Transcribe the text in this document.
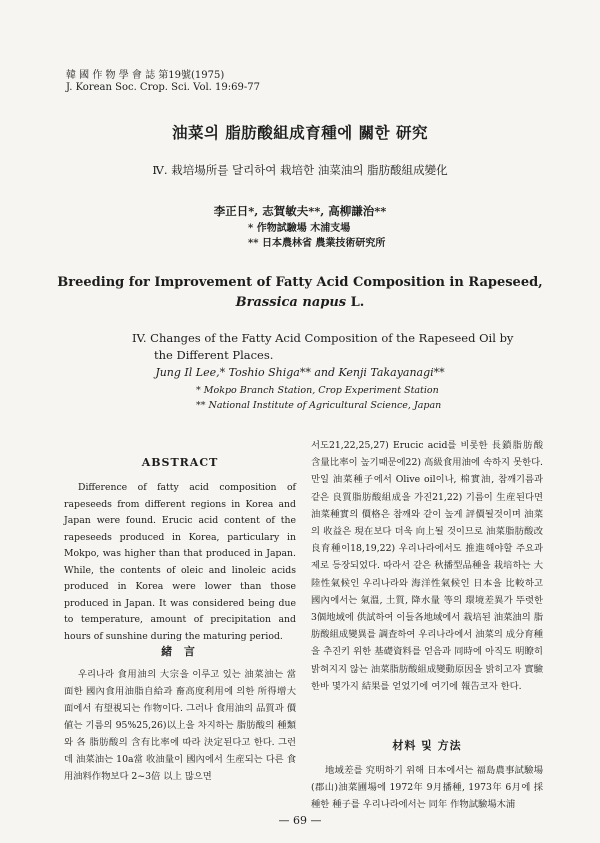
韓 國 作 物 學 會 誌 第19號(1975)
J. Korean Soc. Crop. Sci. Vol. 19:69-77
油菜의 脂肪酸組成育種에 關한 研究
Ⅳ. 栽培場所를 달리하여 栽培한 油菜油의 脂肪酸組成變化
李正日*, 志賀敏夫**, 高柳謙治**
* 作物試驗場 木浦支場
** 日本農林省 農業技術研究所
Breeding for Improvement of Fatty Acid Composition in Rapeseed,
Brassica napus L.
IV. Changes of the Fatty Acid Composition of the Rapeseed Oil by
the Different Places.
Jung Il Lee,* Toshio Shiga** and Kenji Takayanagi**
* Mokpo Branch Station, Crop Experiment Station
** National Institute of Agricultural Science, Japan
ABSTRACT

Difference of fatty acid composition of rapeseeds from different regions in Korea and Japan were found. Erucic acid content of the rapeseeds produced in Korea, particulary in Mokpo, was higher than that produced in Japan. While, the contents of oleic and linoleic acids produced in Korea were lower than those produced in Japan. It was considered being due to temperature, amount of precipitation and hours of sunshine during the maturing period.

緒 言

우리나라 食用油의 大宗을 이루고 있는 油菜油는 當面한 國內食用油脂自給과 畜高度利用에 의한 所得增大面에서 有望視되는 作物이다. 그러나 食用油의 品質과 價値는 기름의 95%25,26)以上을 차지하는 脂肪酸의 種類와 各 脂肪酸의 含有比率에 따라 決定된다고 한다. 그런데 油菜油는 10a當 收油量이 國內에서 生産되는 다른 食用油料作物보다 2~3倍 以上 많으면

서도21,22,25,27) Erucic acid를 비롯한 長鎖脂肪酸 含量比率이 높기때문에22) 高級食用油에 속하지 못한다. 만일 油菜種子에서 Olive oil이나, 棉實油, 참깨기름과 같은 良質脂肪酸組成을 가진21,22) 기름이 生産된다면 油菜種實의 價格은 참깨와 같이 높게 評價될것이며 油菜의 收益은 現在보다 더욱 向上될 것이므로 油菜脂肪酸改良育種이18,19,22) 우리나라에서도 推進해야할 주요과제로 등장되었다. 따라서 같은 秋播型品種을 栽培하는 大陸性氣候인 우리나라와 海洋性氣候인 日本을 比較하고 國內에서는 氣溫, 土質, 降水量 等의 環境差異가 뚜렷한 3個地域에 供試하여 이들各地域에서 栽培된 油菜油의 脂肪酸組成變異를 調査하여 우리나라에서 油菜의 成分育種을 추진키 위한 基礎資料를 얻음과 同時에 아직도 明瞭히 밝혀지지 않는 油菜脂肪酸組成變動原因을 밝히고자 實驗한바 몇가지 結果를 얻었기에 여기에 報告코자 한다.

材料 및 方法

地域差를 究明하기 위해 日本에서는 福島農事試驗場(郡山)油菜圃場에 1972年 9月播種, 1973年 6月에 採種한 種子를 우리나라에서는 同年 作物試驗場木浦

— 69 —
